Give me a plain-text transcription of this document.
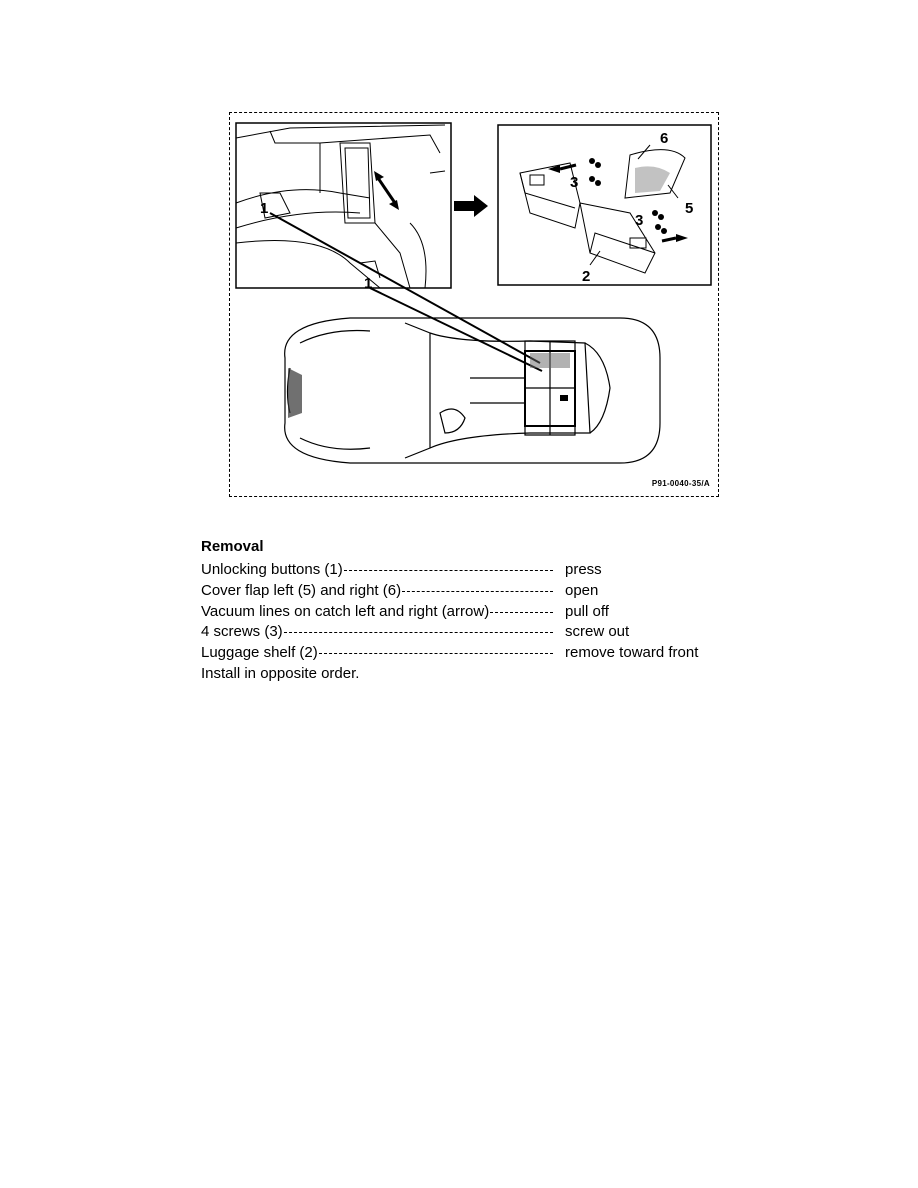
1
1
6
3
3
5
2
P91-0040-35/A
Removal
Unlocking buttons (1)	press
Cover flap left (5) and right (6)	open
Vacuum lines on catch left and right (arrow)	pull off
4 screws (3)	screw out
Luggage shelf (2)	remove toward front
Install in opposite order.
